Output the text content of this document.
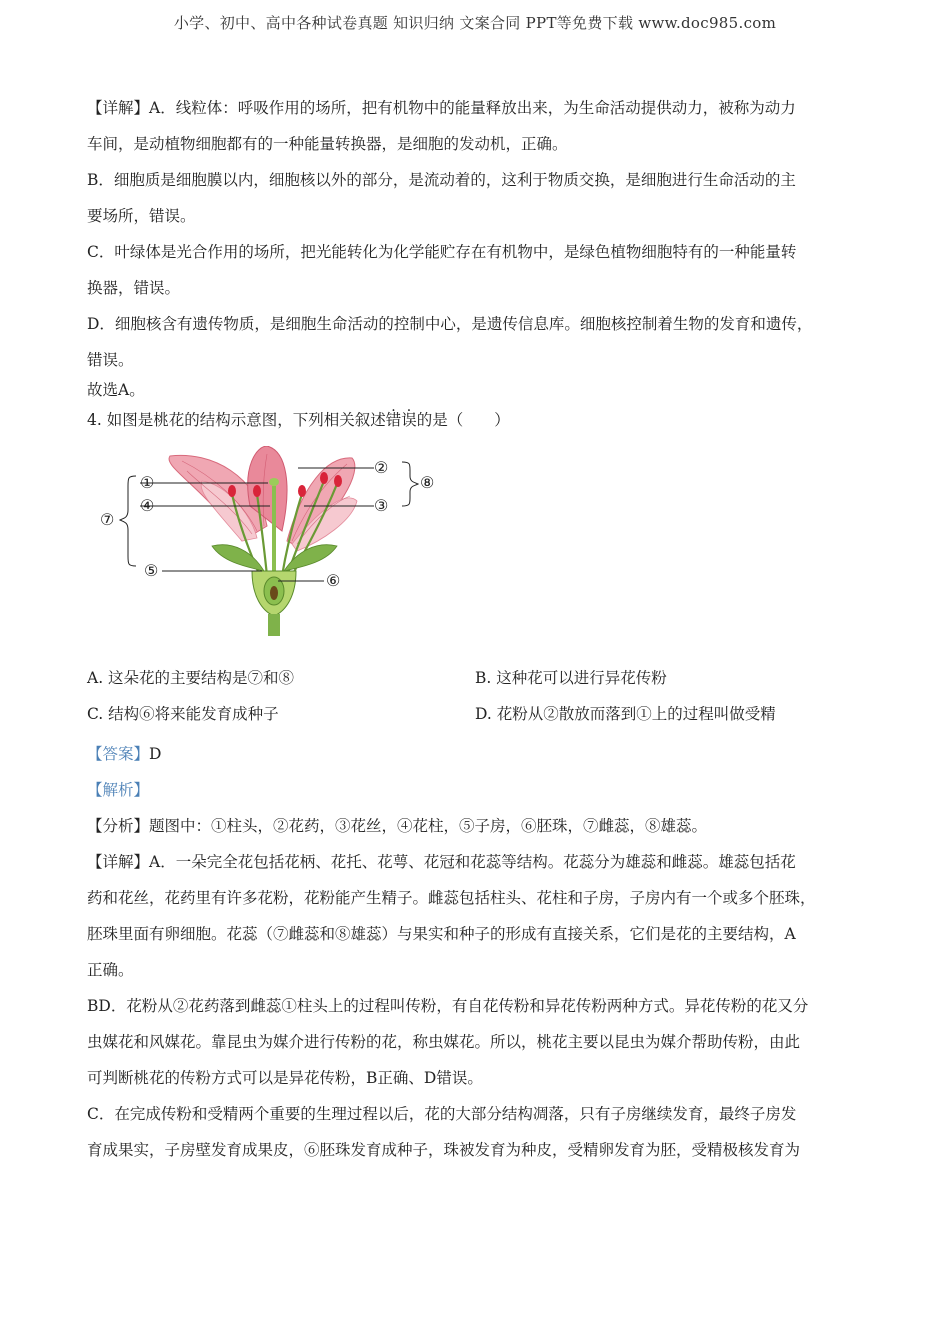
小学、初中、高中各种试卷真题 知识归纳 文案合同 PPT等免费下载 www.doc985.com

【详解】A．线粒体：呼吸作用的场所，把有机物中的能量释放出来，为生命活动提供动力，被称为动力

车间，是动植物细胞都有的一种能量转换器，是细胞的发动机，正确。

B．细胞质是细胞膜以内，细胞核以外的部分，是流动着的，这利于物质交换，是细胞进行生命活动的主

要场所，错误。

C．叶绿体是光合作用的场所，把光能转化为化学能贮存在有机物中，是绿色植物细胞特有的一种能量转

换器，错误。

D．细胞核含有遗传物质，是细胞生命活动的控制中心，是遗传信息库。细胞核控制着生物的发育和遗传，

错误。

故选A。

4. 如图是桃花的结构示意图，下列相关叙述错误的是（　　）

①
④
②
③
⑦
⑧
⑤
⑥
A. 这朵花的主要结构是⑦和⑧	B. 这种花可以进行异花传粉
C. 结构⑥将来能发育成种子	D. 花粉从②散放而落到①上的过程叫做受精

【答案】D

【解析】

【分析】题图中：①柱头，②花药，③花丝，④花柱，⑤子房，⑥胚珠，⑦雌蕊，⑧雄蕊。

【详解】A．一朵完全花包括花柄、花托、花萼、花冠和花蕊等结构。花蕊分为雄蕊和雌蕊。雄蕊包括花

药和花丝，花药里有许多花粉，花粉能产生精子。雌蕊包括柱头、花柱和子房，子房内有一个或多个胚珠，

胚珠里面有卵细胞。花蕊（⑦雌蕊和⑧雄蕊）与果实和种子的形成有直接关系，它们是花的主要结构，A

正确。

BD．花粉从②花药落到雌蕊①柱头上的过程叫传粉，有自花传粉和异花传粉两种方式。异花传粉的花又分

虫媒花和风媒花。靠昆虫为媒介进行传粉的花，称虫媒花。所以，桃花主要以昆虫为媒介帮助传粉，由此

可判断桃花的传粉方式可以是异花传粉，B正确、D错误。

C．在完成传粉和受精两个重要的生理过程以后，花的大部分结构凋落，只有子房继续发育，最终子房发

育成果实，子房壁发育成果皮，⑥胚珠发育成种子，珠被发育为种皮，受精卵发育为胚，受精极核发育为
